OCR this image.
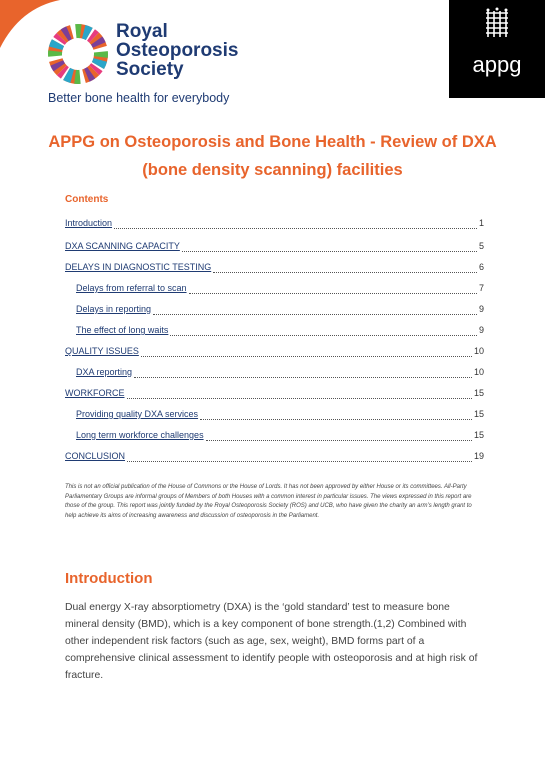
Royal
Osteoporosis
Society
Better bone health for everybody
appg
APPG on Osteoporosis and Bone Health - Review of DXA (bone density scanning) facilities
Contents
Introduction	1
DXA SCANNING CAPACITY	5
DELAYS IN DIAGNOSTIC TESTING	6
Delays from referral to scan	7
Delays in reporting	9
The effect of long waits	9
QUALITY ISSUES	10
DXA reporting	10
WORKFORCE	15
Providing quality DXA services	15
Long term workforce challenges	15
CONCLUSION	19
This is not an official publication of the House of Commons or the House of Lords. It has not been approved by either House or its committees. All-Party Parliamentary Groups are informal groups of Members of both Houses with a common interest in particular issues. The views expressed in this report are those of the group. This report was jointly funded by the Royal Osteoporosis Society (ROS) and UCB, who have given the charity an arm’s length grant to help achieve its aims of increasing awareness and discussion of osteoporosis in the Parliament.
Introduction
Dual energy X-ray absorptiometry (DXA) is the ‘gold standard’ test to measure bone mineral density (BMD), which is a key component of bone strength.(1,2) Combined with other independent risk factors (such as age, sex, weight), BMD forms part of a comprehensive clinical assessment to identify people with osteoporosis and at high risk of fracture.
